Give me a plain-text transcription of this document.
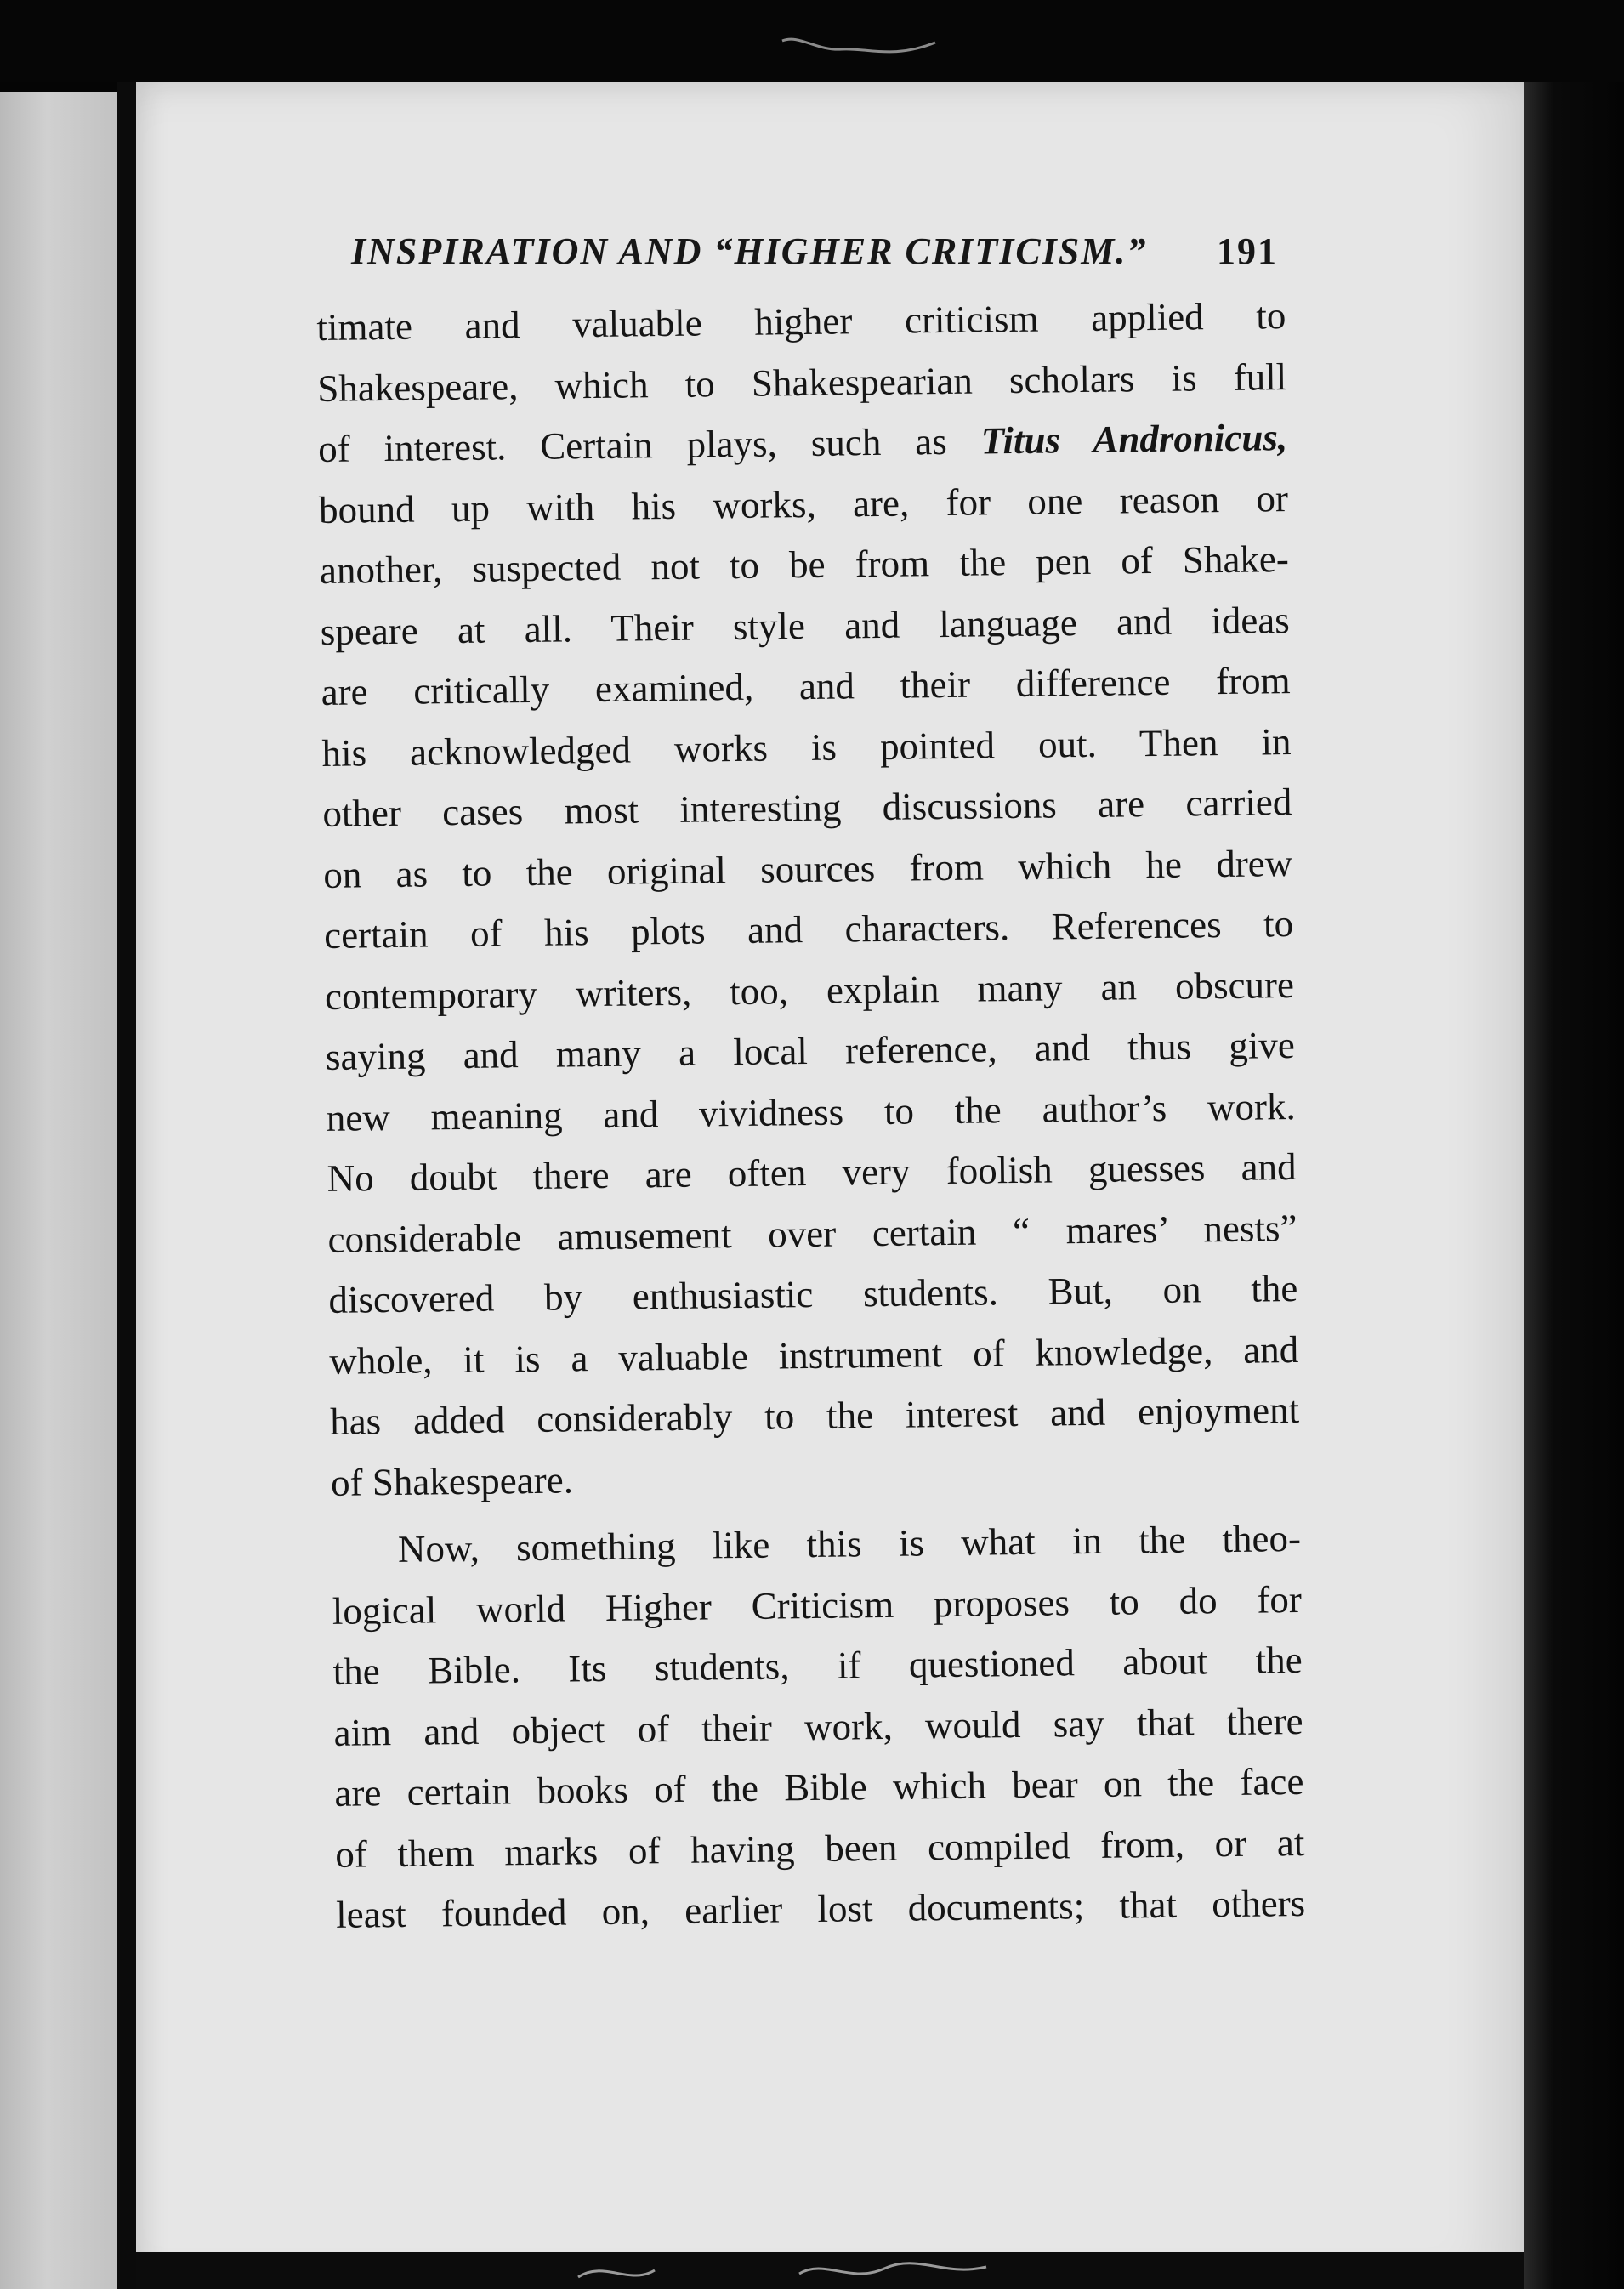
INSPIRATION AND “HIGHER CRITICISM.” 191
timate and valuable higher criticism applied to
Shakespeare, which to Shakespearian scholars is full
of interest. Certain plays, such as Titus Andronicus,
bound up with his works, are, for one reason or
another, suspected not to be from the pen of Shake-
speare at all. Their style and language and ideas
are critically examined, and their difference from
his acknowledged works is pointed out. Then in
other cases most interesting discussions are carried
on as to the original sources from which he drew
certain of his plots and characters. References to
contemporary writers, too, explain many an obscure
saying and many a local reference, and thus give
new meaning and vividness to the author’s work.
No doubt there are often very foolish guesses and
considerable amusement over certain “ mares’ nests”
discovered by enthusiastic students. But, on the
whole, it is a valuable instrument of knowledge, and
has added considerably to the interest and enjoyment
of Shakespeare.
Now, something like this is what in the theo-
logical world Higher Criticism proposes to do for
the Bible. Its students, if questioned about the
aim and object of their work, would say that there
are certain books of the Bible which bear on the face
of them marks of having been compiled from, or at
least founded on, earlier lost documents; that others
